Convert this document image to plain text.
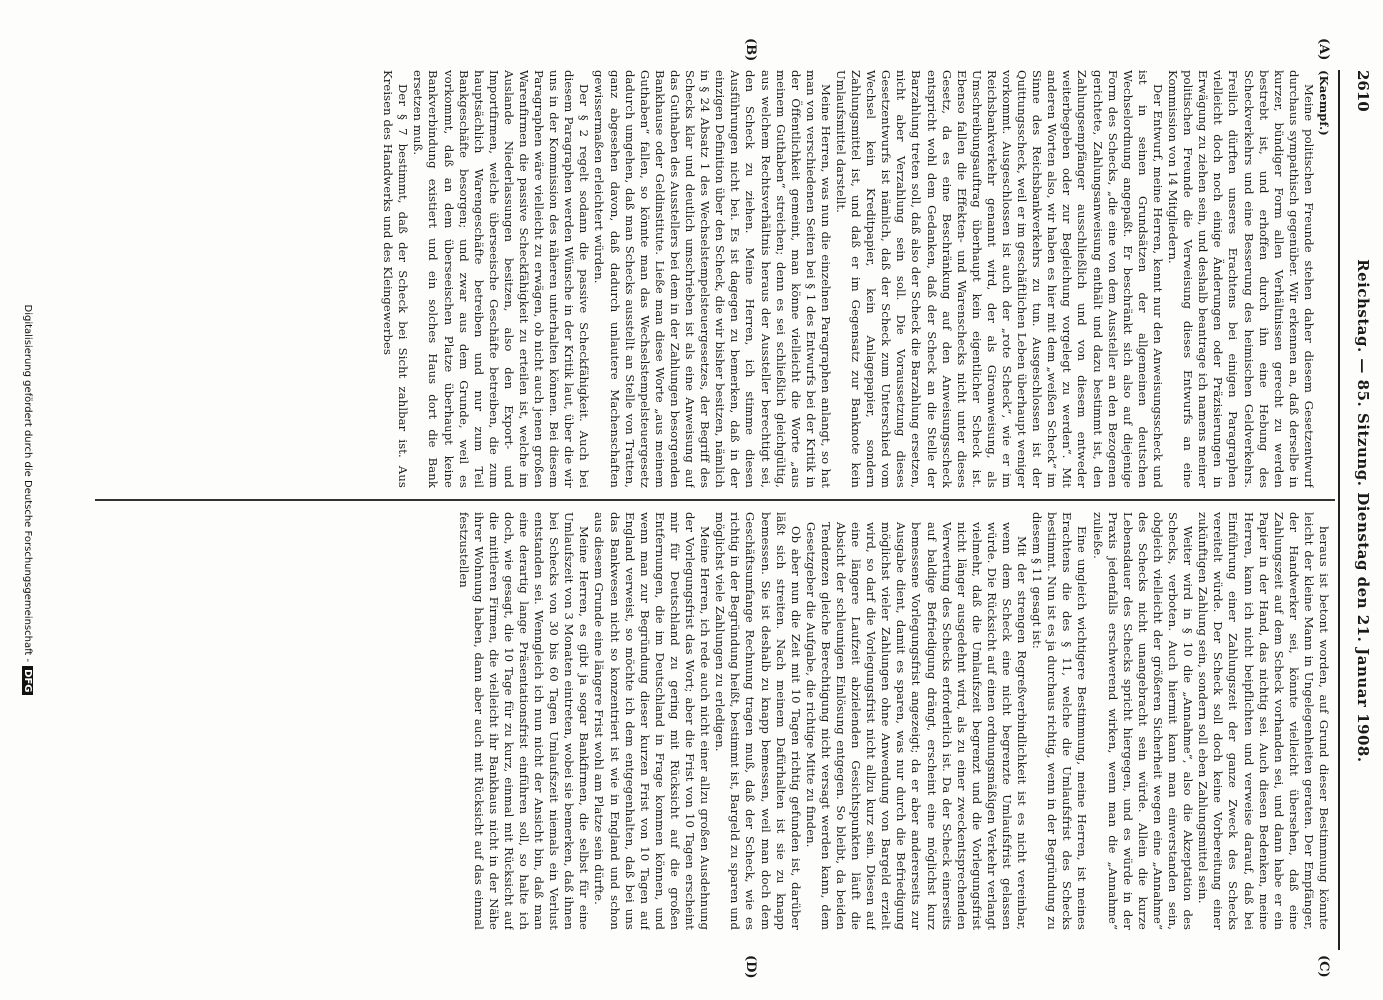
2610
Reichstag. — 85. Sitzung. Dienstag den 21. Januar 1908.
(A)
(B)
(C)
(D)

(Kaempf.)

Meine politischen Freunde stehen daher diesem Gesetzentwurf durchaus sympathisch gegenüber. Wir erkennen an, daß derselbe in kurzer, bündiger Form allen Verhältnissen gerecht zu werden bestrebt ist, und erhoffen durch ihn eine Hebung des Scheckverkehrs und eine Besserung des heimischen Geldverkehrs. Freilich dürften unseres Erachtens bei einigen Paragraphen vielleicht doch noch einige Änderungen oder Präzisierungen in Erwägung zu ziehen sein, und deshalb beantrage ich namens meiner politischen Freunde die Verweisung dieses Entwurfs an eine Kommission von 14 Mitgliedern.

Der Entwurf, meine Herren, kennt nur den Anweisungsscheck und ist in seinen Grundsätzen der allgemeinen deutschen Wechselordnung angepaßt. Er beschränkt sich also auf diejenige Form des Schecks, „die eine von dem Aussteller an den Bezogenen gerichtete, Zahlungsanweisung enthält und dazu bestimmt ist, den Zahlungsempfänger ausschließlich und von diesem entweder weiterbegeben oder zur Begleichung vorgelegt zu werden“. Mit anderen Worten also, wir haben es hier mit dem „weißen Scheck“ im Sinne des Reichsbankverkehrs zu tun. Ausgeschlossen ist der Quittungsscheck, weil er im geschäftlichen Leben überhaupt weniger vorkommt. Ausgeschlossen ist auch der „rote Scheck“, wie er im Reichsbankverkehr genannt wird, der als Giroanweisung, als Umschreibungsauftrag überhaupt kein eigentlicher Scheck ist. Ebenso fallen die Effekten- und Warenschecks nicht unter dieses Gesetz, da es eine Beschränkung auf den Anweisungsscheck entspricht wohl dem Gedanken, daß der Scheck an die Stelle der Barzahlung treten soll, daß also der Scheck die Barzahlung ersetzen, nicht aber Verzahlung sein soll. Die Voraussetzung dieses Gesetzentwurfs ist nämlich, daß der Scheck zum Unterschied vom Wechsel kein Kreditpapier, kein Anlagepapier, sondern Zahlungsmittel ist, und daß er im Gegensatz zur Banknote kein Umlaufsmittel darstellt.

Meine Herren, was nun die einzelnen Paragraphen anlangt, so hat man von verschiedenen Seiten bei § 1 des Entwurfs bei der Kritik in der Öffentlichkeit gemeint, man könne vielleicht die Worte „aus meinem Guthaben“ streichen; denn es sei schließlich gleichgültig, aus welchem Rechtsverhältnis heraus der Aussteller berechtigt sei, den Scheck zu ziehen. Meine Herren, ich stimme diesen Ausführungen nicht bei. Es ist dagegen zu bemerken, daß in der einzigen Definition über den Scheck, die wir bisher besitzen, nämlich in § 24 Absatz 1 des Wechselstempelsteuergesetzes, der Begriff des Schecks klar und deutlich umschrieben ist als eine Anweisung auf das Guthaben des Ausstellers bei dem in der Zahlungen besorgenden Bankhause oder Geldinstitute. Ließe man diese Worte „aus meinem Guthaben“ fallen, so könnte man das Wechselstempelsteuergesetz dadurch umgehen, daß man Schecks ausstellt an Stelle von Tratten, ganz abgesehen davon, daß dadurch unlautere Machenschaften gewissermaßen erleichtert würden.

Der § 2 regelt sodann die passive Scheckfähigkeit. Auch bei diesem Paragraphen werden Wünsche in der Kritik laut, über die wir uns in der Kommission des näheren unterhalten können. Bei diesem Paragraphen wäre vielleicht zu erwägen, ob nicht auch jenen großen Warenfirmen die passive Scheckfähigkeit zu erteilen ist, welche im Auslande Niederlassungen besitzen, also den Export- und Importfirmen, welche überseeische Geschäfte betreiben, die zum hauptsächlich Warengeschäfte betreiben und nur zum Teil Bankgeschäfte besorgen; und zwar aus dem Grunde, weil es vorkommt, daß an dem überseeischen Platze überhaupt keine Bankverbindung existiert und ein solches Haus dort die Bank ersetzen muß.

Der § 7 bestimmt, daß der Scheck bei Sicht zahlbar ist. Aus Kreisen des Handwerks und des Kleingewerbes

heraus ist betont worden, auf Grund dieser Bestimmung könnte leicht der kleine Mann in Ungelegenheiten geraten. Der Empfänger, der Handwerker sei, könnte vielleicht übersehen, daß eine Zahlungszeit auf dem Scheck vorhanden sei, und dann habe er ein Papier in der Hand, das nichtig sei. Auch diesen Bedenken, meine Herren, kann ich nicht beipflichten und verweise darauf, daß bei Einführung einer Zahlungszeit der ganze Zweck des Schecks vereitelt würde. Der Scheck soll doch keine Vorbereitung einer zukünftigen Zahlung sein, sondern soll eben Zahlungsmittel sein.

Weiter wird in § 10 die „Annahme“, also die Akzeptation des Schecks, verboten. Auch hiermit kann man einverstanden sein, obgleich vielleicht der größeren Sicherheit wegen eine „Annahme“ des Schecks nicht unangebracht sein würde. Allein die kurze Lebensdauer des Schecks spricht hiergegen, und es würde in der Praxis jedenfalls erschwerend wirken, wenn man die „Annahme“ zuließe.

Eine ungleich wichtigere Bestimmung, meine Herren, ist meines Erachtens die des § 11, welche die Umlaufsfrist des Schecks bestimmt. Nun ist es ja durchaus richtig, wenn in der Begründung zu diesem § 11 gesagt ist:

Mit der strengen Regreßverbindlichkeit ist es nicht vereinbar, wenn dem Scheck eine nicht begrenzte Umlaufsfrist gelassen würde. Die Rücksicht auf einen ordnungsmäßigen Verkehr verlangt vielmehr, daß die Umlaufszeit begrenzt und die Vorlegungsfrist nicht länger ausgedehnt wird, als zu einer zweckentsprechenden Verwertung des Schecks erforderlich ist. Da der Scheck einerseits auf baldige Befriedigung drängt, erscheint eine möglichst kurz bemessene Vorlegungsfrist angezeigt; da er aber andererseits zur Ausgabe dient, damit es sparen, was nur durch die Befriedigung möglichst vieler Zahlungen ohne Anwendung von Bargeld erzielt wird, so darf die Vorlegungsfrist nicht allzu kurz sein. Diesen auf eine längere Laufzeit abzielenden Gesichtspunkten läuft die Absicht der schleunigen Einlösung entgegen. So bleibt, da beiden Tendenzen gleiche Berechtigung nicht versagt werden kann, dem Gesetzgeber die Aufgabe, die richtige Mitte zu finden.

Ob aber nun die Zeit mit 10 Tagen richtig gefunden ist, darüber läßt sich streiten. Nach meinem Dafürhalten ist sie zu knapp bemessen. Sie ist deshalb zu knapp bemessen, weil man doch dem Geschäftsumfange Rechnung tragen muß, daß der Scheck, wie es richtig in der Begründung heißt, bestimmt ist, Bargeld zu sparen und möglichst viele Zahlungen zu erledigen.

Meine Herren, ich rede auch nicht einer allzu großen Ausdehnung der Vorlegungsfrist das Wort; aber die Frist von 10 Tagen erscheint mir für Deutschland zu gering mit Rücksicht auf die großen Entfernungen, die im Deutschland in Frage kommen können, und wenn man zur Begründung dieser kurzen Frist von 10 Tagen auf England verweist, so möchte ich dem entgegenhalten, daß bei uns das Bankwesen nicht so konzentriert ist wie in England und schon aus diesem Grunde eine längere Frist wohl am Platze sein dürfte.

Meine Herren, es gibt ja sogar Bankfirmen, die selbst für eine Umlaufszeit von 3 Monaten eintreten, wobei sie bemerken, daß ihnen bei Schecks von 30 bis 60 Tagen Umlaufszeit niemals ein Verlust entstanden sei. Wenngleich ich nun nicht der Ansicht bin, daß man eine derartig lange Präsentationsfrist einführen soll, so halte ich doch, wie gesagt, die 10 Tage für zu kurz, einmal mit Rücksicht auf die mittleren Firmen, die vielleicht ihr Bankhaus nicht in der Nähe ihrer Wohnung haben, dann aber auch mit Rücksicht auf das einmal festzustellen

Digitalisierung gefördert durch die Deutsche Forschungsgemeinschaft -DFG
